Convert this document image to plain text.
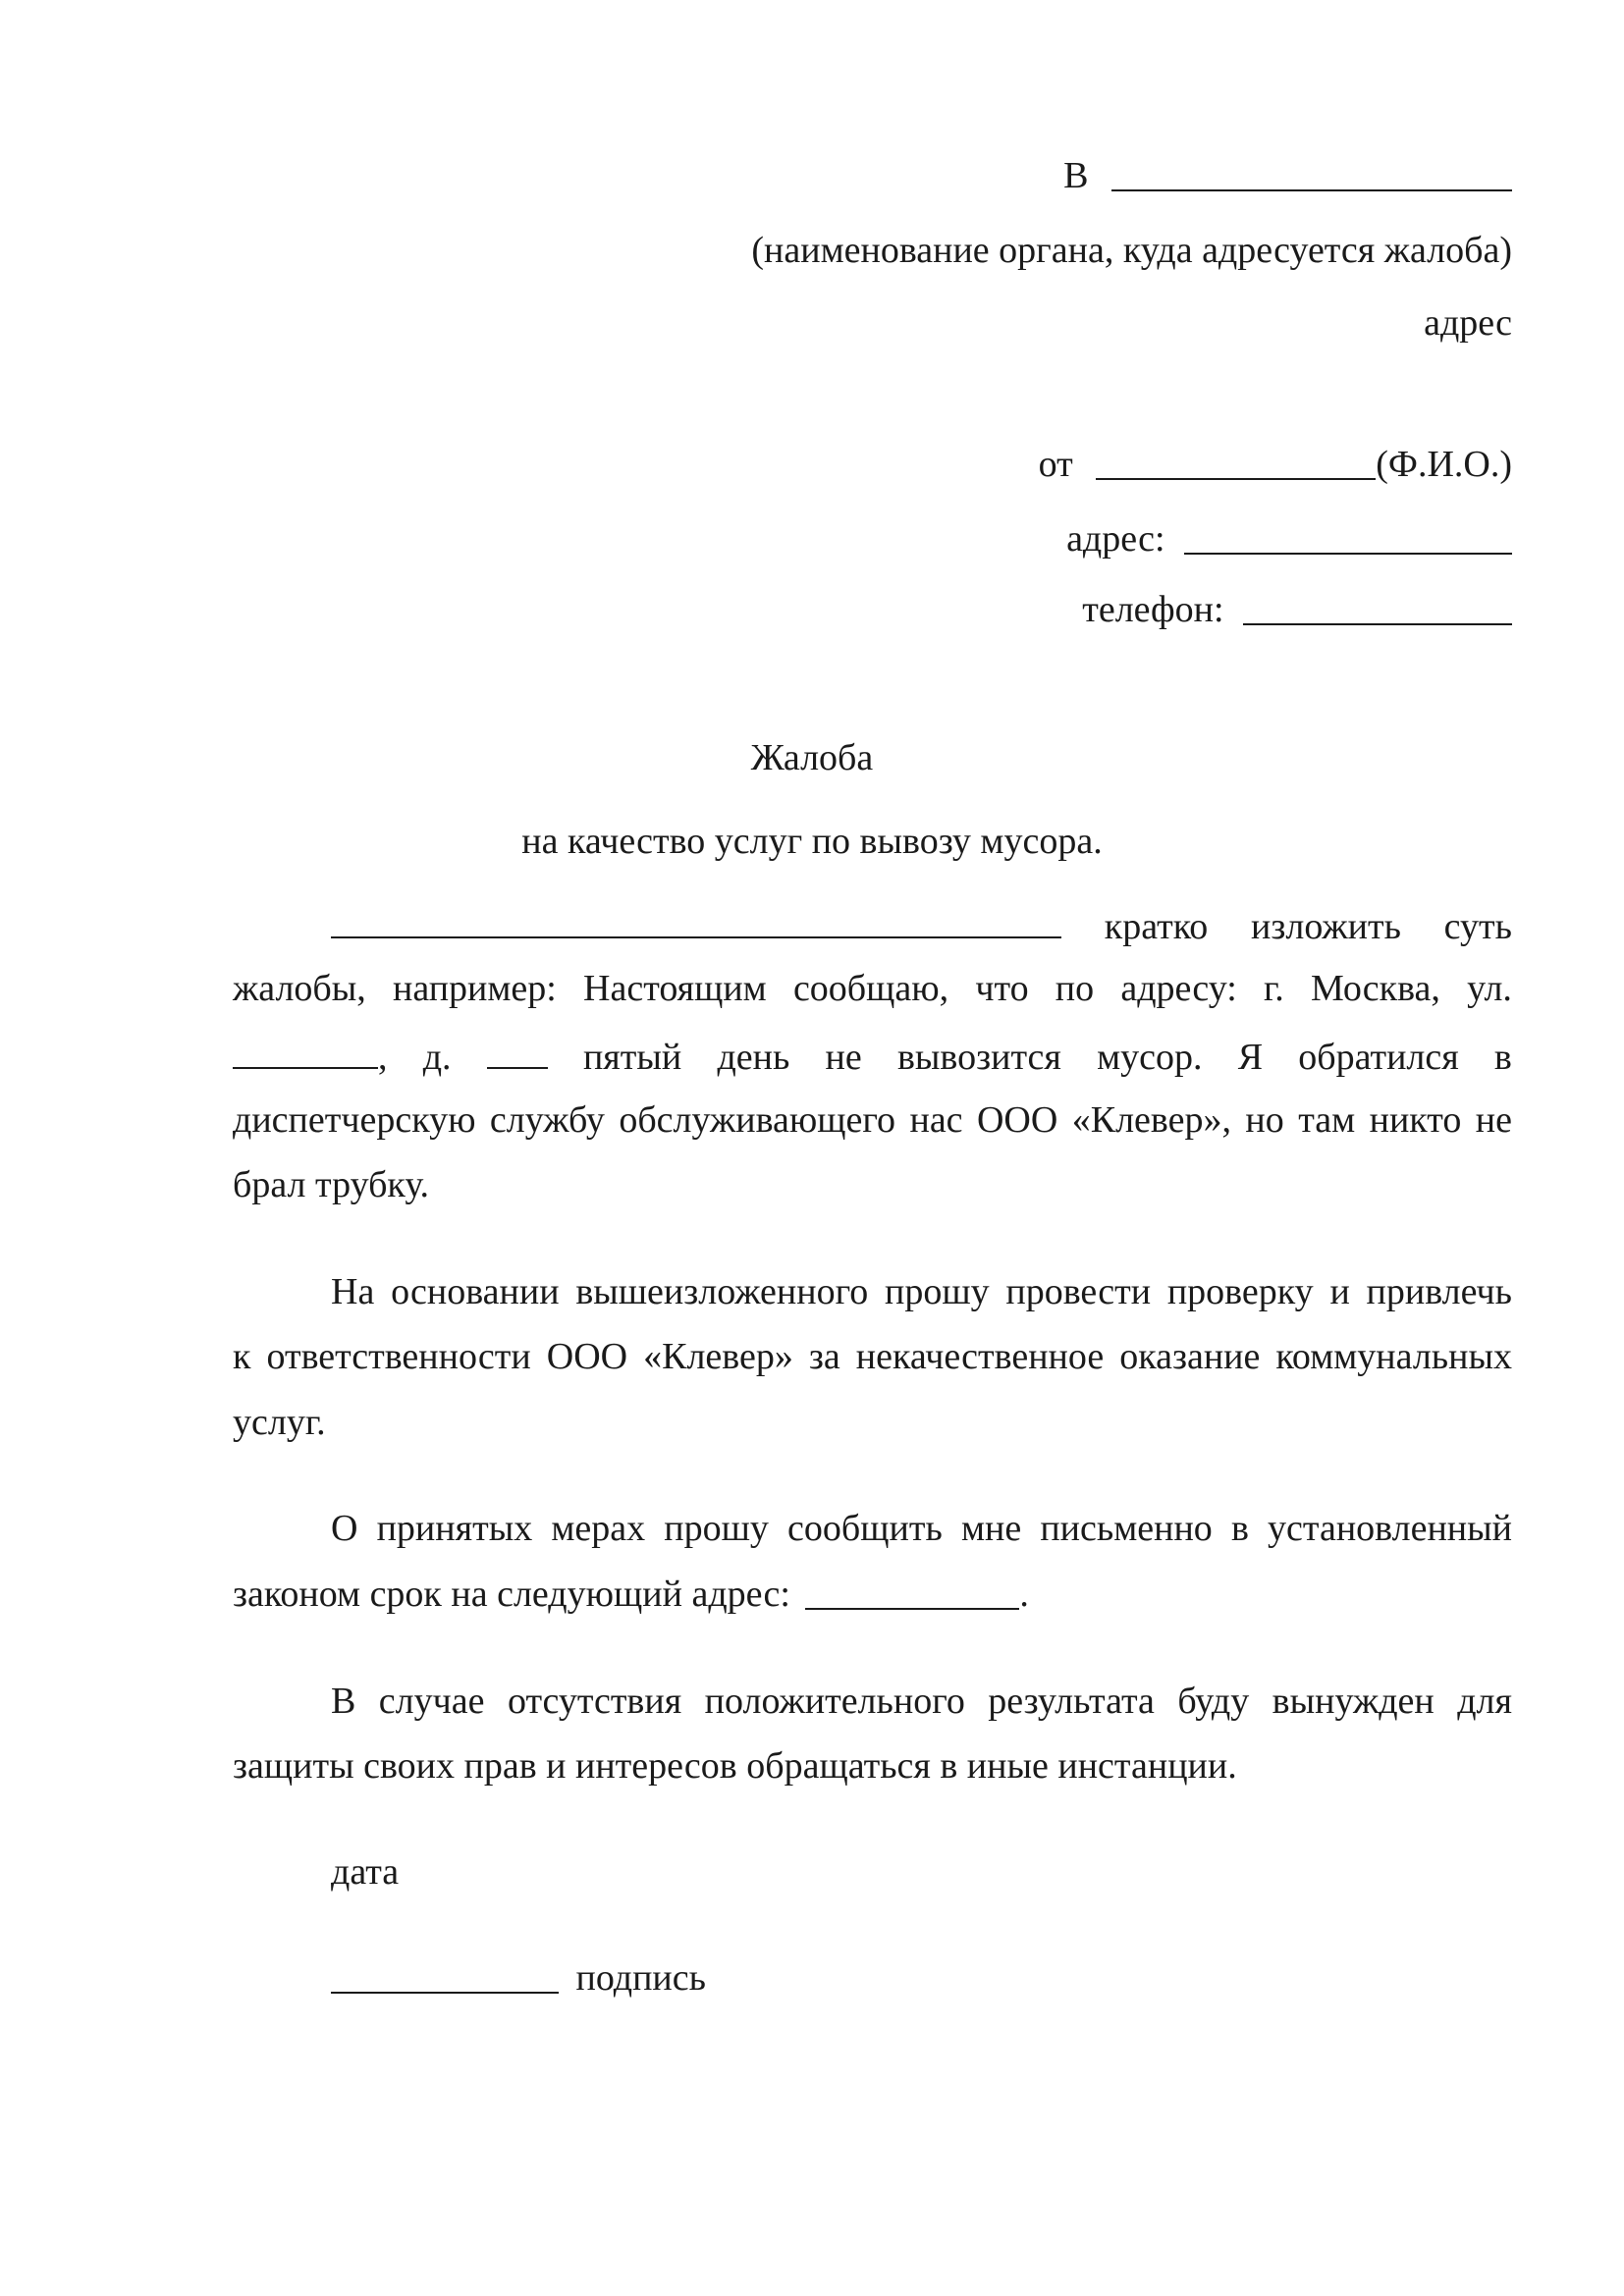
В
(наименование органа, куда адресуется жалоба)
адрес
от	(Ф.И.О.)
адрес:
телефон:
Жалоба
на качество услуг по вывозу мусора.
кратко изложить суть
жалобы, например: Настоящим сообщаю, что по адресу: г. Москва, ул.
, д.	пятый день не вывозится мусор. Я обратился в
диспетчерскую службу обслуживающего нас ООО «Клевер», но там никто не
брал трубку.
На основании вышеизложенного прошу провести проверку и привлечь
к ответственности ООО «Клевер» за некачественное оказание коммунальных
услуг.
О принятых мерах прошу сообщить мне письменно в установленный
законом срок на следующий адрес:	.
В случае отсутствия положительного результата буду вынужден для
защиты своих прав и интересов обращаться в иные инстанции.
дата
подпись
